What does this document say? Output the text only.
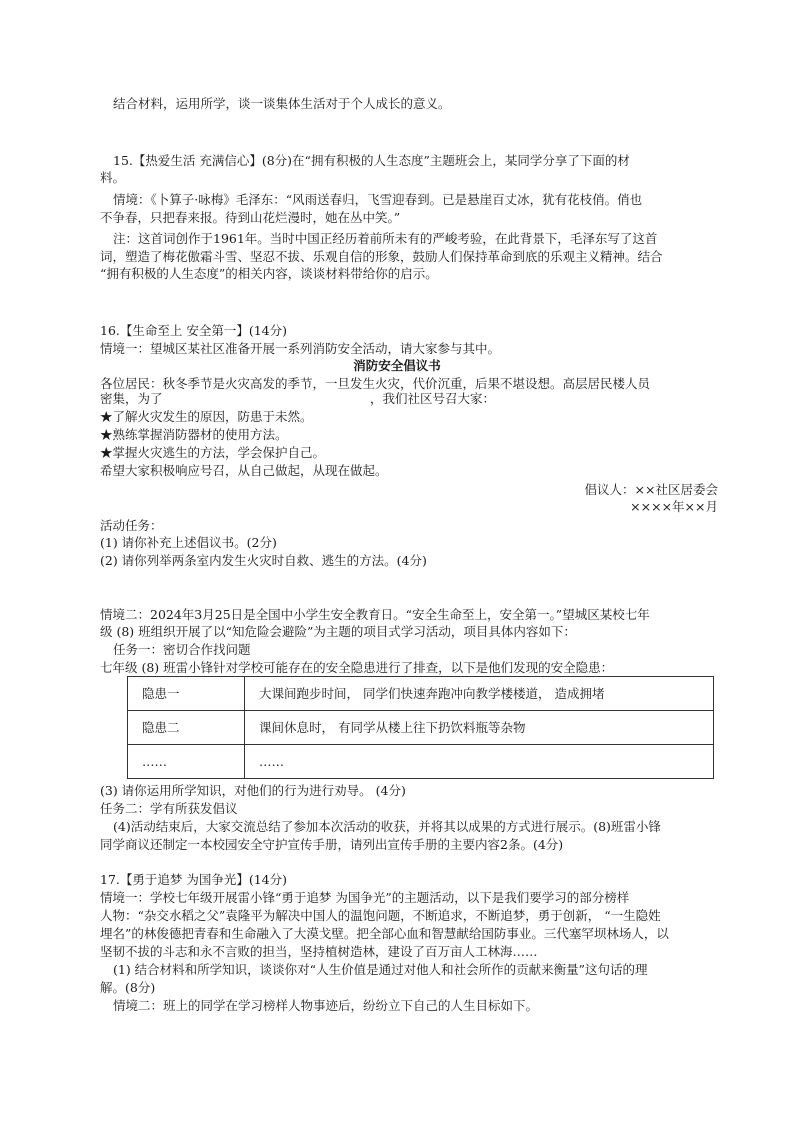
结合材料，运用所学，谈一谈集体生活对于个人成长的意义。
15.【热爱生活 充满信心】(8分)在“拥有积极的人生态度”主题班会上，某同学分享了下面的材
料。
情境：《卜算子·咏梅》毛泽东：“风雨送春归，飞雪迎春到。已是悬崖百丈冰，犹有花枝俏。俏也
不争春，只把春来报。待到山花烂漫时，她在丛中笑。”
注：这首词创作于1961年。当时中国正经历着前所未有的严峻考验，在此背景下，毛泽东写了这首
词，塑造了梅花傲霜斗雪、坚忍不拔、乐观自信的形象，鼓励人们保持革命到底的乐观主义精神。结合
“拥有积极的人生态度”的相关内容，谈谈材料带给你的启示。
16.【生命至上 安全第一】(14分)
情境一：望城区某社区准备开展一系列消防安全活动，请大家参与其中。
消防安全倡议书
各位居民：秋冬季节是火灾高发的季节，一旦发生火灾，代价沉重，后果不堪设想。高层居民楼人员
密集，为了	，我们社区号召大家：
★了解火灾发生的原因，防患于未然。
★熟练掌握消防器材的使用方法。
★掌握火灾逃生的方法，学会保护自己。
希望大家积极响应号召，从自己做起，从现在做起。
倡议人：××社区居委会
××××年××月
活动任务：
(1) 请你补充上述倡议书。(2分)
(2) 请你列举两条室内发生火灾时自救、逃生的方法。(4分)
情境二：2024年3月25日是全国中小学生安全教育日。“安全生命至上，安全第一。”望城区某校七年
级 (8) 班组织开展了以“知危险会避险”为主题的项目式学习活动，项目具体内容如下：
任务一：密切合作找问题
七年级 (8) 班雷小锋针对学校可能存在的安全隐患进行了排查，以下是他们发现的安全隐患：
隐患一	大课间跑步时间， 同学们快速奔跑冲向教学楼楼道， 造成拥堵
隐患二	课间休息时， 有同学从楼上往下扔饮料瓶等杂物
……	……
(3) 请你运用所学知识，对他们的行为进行劝导。 (4分)
任务二：学有所获发倡议
(4)活动结束后，大家交流总结了参加本次活动的收获，并将其以成果的方式进行展示。(8)班雷小锋
同学商议还制定一本校园安全守护宣传手册，请列出宣传手册的主要内容2条。(4分)
17.【勇于追梦 为国争光】(14分)
情境一：学校七年级开展雷小锋“勇于追梦 为国争光”的主题活动，以下是我们要学习的部分榜样
人物：“杂交水稻之父”袁隆平为解决中国人的温饱问题，不断追求，不断追梦，勇于创新， “一生隐姓
埋名”的林俊德把青春和生命融入了大漠戈壁。把全部心血和智慧献给国防事业。三代塞罕坝林场人，以
坚韧不拔的斗志和永不言败的担当，坚持植树造林，建设了百万亩人工林海……
(1) 结合材料和所学知识，谈谈你对“人生价值是通过对他人和社会所作的贡献来衡量”这句话的理
解。(8分)
情境二：班上的同学在学习榜样人物事迹后，纷纷立下自己的人生目标如下。
